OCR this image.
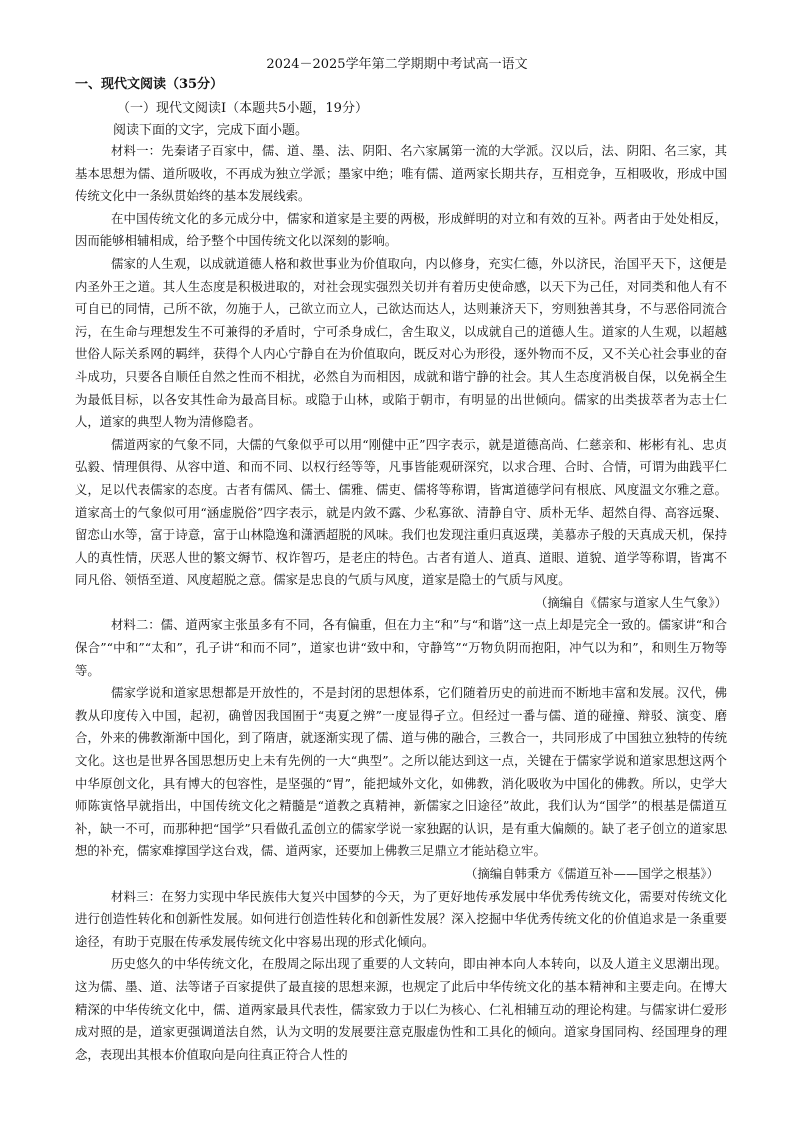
2024－2025学年第二学期期中考试高一语文
一、现代文阅读（35分）
（一）现代文阅读Ⅰ（本题共5小题，19分）
阅读下面的文字，完成下面小题。

材料一：先秦诸子百家中，儒、道、墨、法、阴阳、名六家属第一流的大学派。汉以后，法、阴阳、名三家，其基本思想为儒、道所吸收，不再成为独立学派；墨家中绝；唯有儒、道两家长期共存，互相竞争，互相吸收，形成中国传统文化中一条纵贯始终的基本发展线索。

在中国传统文化的多元成分中，儒家和道家是主要的两极，形成鲜明的对立和有效的互补。两者由于处处相反，因而能够相辅相成，给予整个中国传统文化以深刻的影响。

儒家的人生观，以成就道德人格和救世事业为价值取向，内以修身，充实仁德，外以济民，治国平天下，这便是内圣外王之道。其人生态度是积极进取的，对社会现实强烈关切并有着历史使命感，以天下为己任，对同类和他人有不可自已的同情，己所不欲，勿施于人，己欲立而立人，己欲达而达人，达则兼济天下，穷则独善其身，不与恶俗同流合污，在生命与理想发生不可兼得的矛盾时，宁可杀身成仁，舍生取义，以成就自己的道德人生。道家的人生观，以超越世俗人际关系网的羁绊，获得个人内心宁静自在为价值取向，既反对心为形役，逐外物而不反，又不关心社会事业的奋斗成功，只要各自顺任自然之性而不相扰，必然自为而相因，成就和谐宁静的社会。其人生态度消极自保，以免祸全生为最低目标，以各安其性命为最高目标。或隐于山林，或陷于朝市，有明显的出世倾向。儒家的出类拔萃者为志士仁人，道家的典型人物为清修隐者。

儒道两家的气象不同，大儒的气象似乎可以用“刚健中正”四字表示，就是道德高尚、仁慈亲和、彬彬有礼、忠贞弘毅、情理俱得、从容中道、和而不同、以权行经等等，凡事皆能观研深究，以求合理、合时、合情，可谓为曲践平仁义，足以代表儒家的态度。古者有儒风、儒士、儒雅、儒吏、儒将等称谓，皆寓道德学问有根底、风度温文尔雅之意。道家高士的气象似可用“涵虚脱俗”四字表示，就是内敛不露、少私寡欲、清静自守、质朴无华、超然自得、高容远聚、留恋山水等，富于诗意，富于山林隐逸和潇洒超脱的风味。我们也发现注重归真返璞，美慕赤子般的天真成天机，保持人的真性情，厌恶人世的繁文缛节、权诈智巧，是老庄的特色。古者有道人、道真、道眼、道貌、道学等称谓，皆寓不同凡俗、领悟至道、风度超脱之意。儒家是忠良的气质与风度，道家是隐士的气质与风度。

（摘编自《儒家与道家人生气象》）

材料二：儒、道两家主张虽多有不同，各有偏重，但在力主“和”与“和谐”这一点上却是完全一致的。儒家讲“和合保合”“中和”“太和”，孔子讲“和而不同”，道家也讲“致中和，守静笃”“万物负阴而抱阳，冲气以为和”，和则生万物等等。

儒家学说和道家思想都是开放性的，不是封闭的思想体系，它们随着历史的前进而不断地丰富和发展。汉代，佛教从印度传入中国，起初，确曾因我国囿于“夷夏之辨”一度显得孑立。但经过一番与儒、道的碰撞、辩驳、演变、磨合，外来的佛教渐渐中国化，到了隋唐，就逐渐实现了儒、道与佛的融合，三教合一，共同形成了中国独立独特的传统文化。这也是世界各国思想历史上未有先例的一大“典型”。之所以能达到这一点，关键在于儒家学说和道家思想这两个中华原创文化，具有博大的包容性，是坚强的“胃”，能把域外文化，如佛教，消化吸收为中国化的佛教。所以，史学大师陈寅恪早就指出，中国传统文化之精髓是“道教之真精神，新儒家之旧途径”故此，我们认为“国学”的根基是儒道互补，缺一不可，而那种把“国学”只看做孔孟创立的儒家学说一家独踞的认识，是有重大偏颇的。缺了老子创立的道家思想的补充，儒家难撑国学这台戏，儒、道两家，还要加上佛教三足鼎立才能站稳立牢。

（摘编自韩秉方《儒道互补——国学之根基》）

材料三：在努力实现中华民族伟大复兴中国梦的今天，为了更好地传承发展中华优秀传统文化，需要对传统文化进行创造性转化和创新性发展。如何进行创造性转化和创新性发展？深入挖掘中华优秀传统文化的价值追求是一条重要途径，有助于克服在传承发展传统文化中容易出现的形式化倾向。

历史悠久的中华传统文化，在殷周之际出现了重要的人文转向，即由神本向人本转向，以及人道主义思潮出现。这为儒、墨、道、法等诸子百家提供了最直接的思想来源，也规定了此后中华传统文化的基本精神和主要走向。在博大精深的中华传统文化中，儒、道两家最具代表性，儒家致力于以仁为核心、仁礼相辅互动的理论构建。与儒家讲仁爱形成对照的是，道家更强调道法自然，认为文明的发展要注意克服虚伪性和工具化的倾向。道家身国同构、经国理身的理念，表现出其根本价值取向是向往真正符合人性的
